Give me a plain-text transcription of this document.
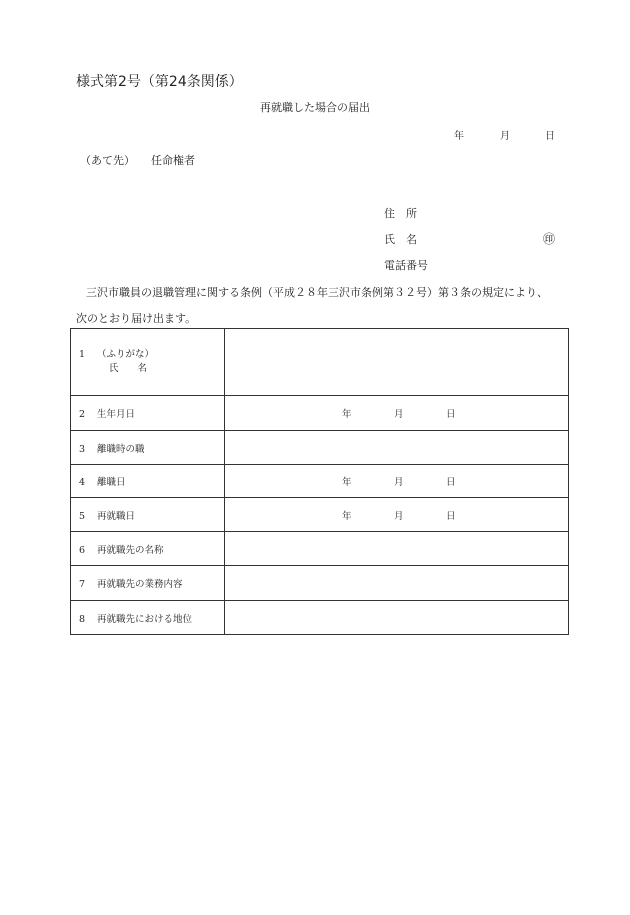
様式第2号（第24条関係）
再就職した場合の届出
年	月	日
（あて先） 任命権者
住　所
氏　名	㊞
電話番号
三沢市職員の退職管理に関する条例（平成２８年三沢市条例第３２号）第３条の規定により、
次のとおり届け出ます。
1 （ふりがな）
氏　　名	

2 生年月日	年 月 日

3 離職時の職	
4 離職日	年 月 日

5 再就職日	年 月 日

6 再就職先の名称	
7 再就職先の業務内容	
8 再就職先における地位	
